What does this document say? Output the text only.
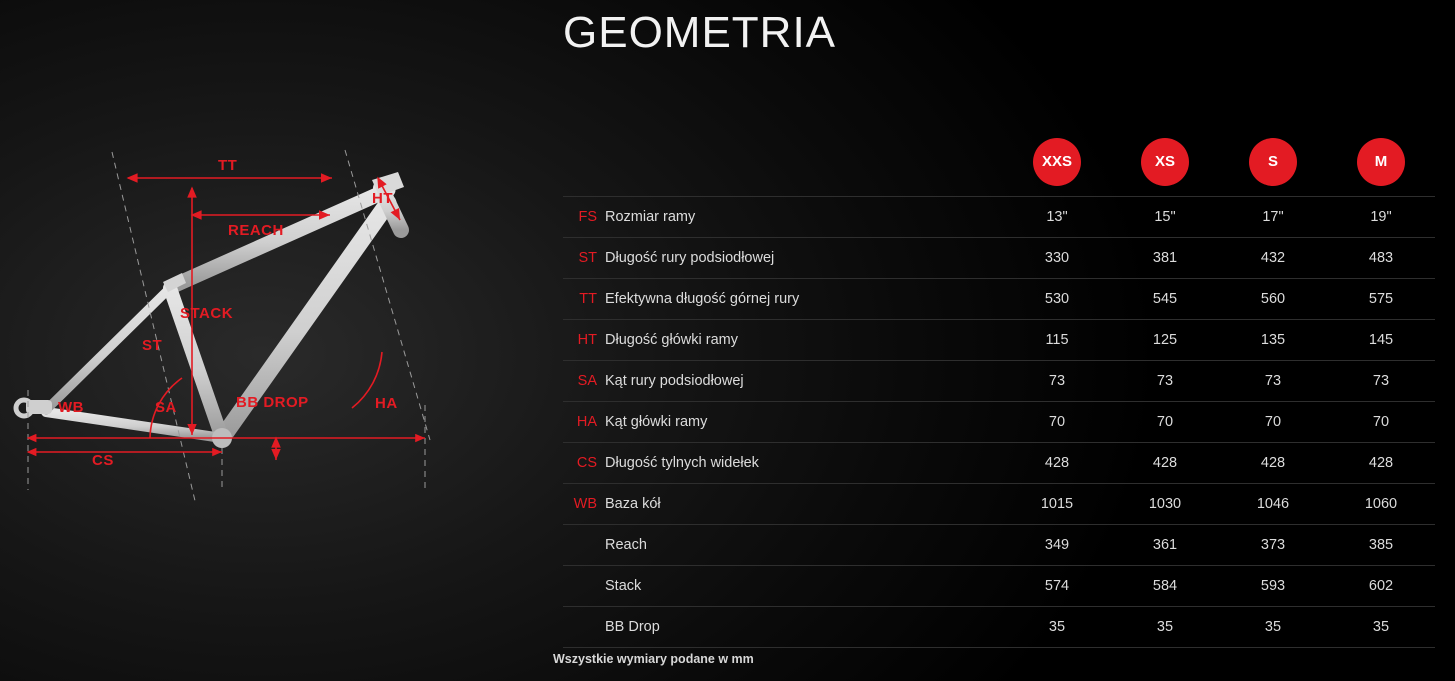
TT
HT
REACH
STACK
ST
SA	HA
BB DROP
WB
CS
GEOMETRIA
	XXS	XS	S	M
FS Rozmiar ramy	13"	15"	17"	19"
ST Długość rury podsiodłowej	330	381	432	483
TT Efektywna długość górnej rury	530	545	560	575
HT Długość główki ramy	115	125	135	145
SA Kąt rury podsiodłowej	73	73	73	73
HA Kąt główki ramy	70	70	70	70
CS Długość tylnych widełek	428	428	428	428
WB Baza kół	1015	1030	1046	1060
Reach	349	361	373	385
Stack	574	584	593	602
BB Drop	35	35	35	35
Wszystkie wymiary podane w mm
